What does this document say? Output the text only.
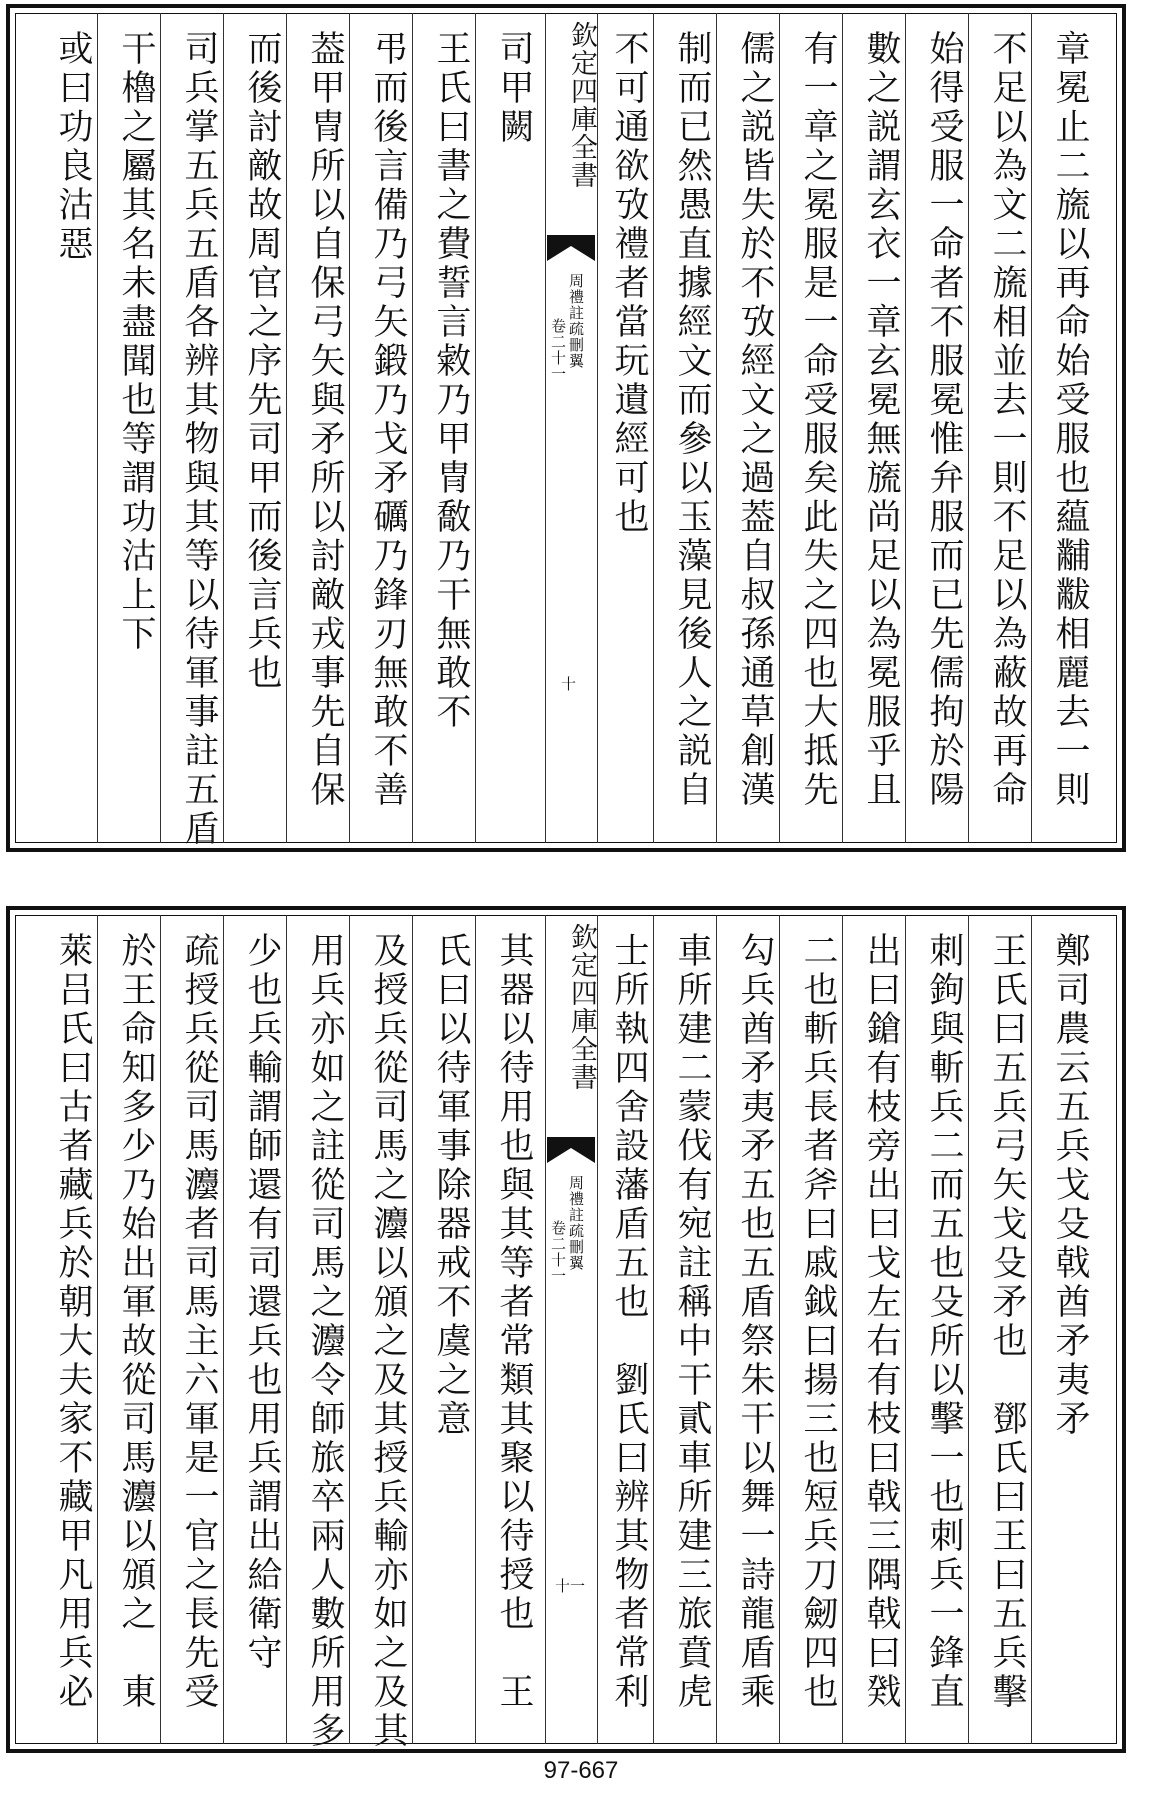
章冕止二旒以再命始受服也藴黼黻相麗去一則
不足以為文二旒相並去一則不足以為蔽故再命
始得受服一命者不服冕惟弁服而已先儒拘於陽
數之説謂玄衣一章玄冕無旒尚足以為冕服乎且
有一章之冕服是一命受服矣此失之四也大抵先
儒之説皆失於不攷經文之過葢自叔孫通草創漢
制而已然愚直據經文而參以玉藻見後人之説自
不可通欲攷禮者當玩遺經可也
欽定四庫全書
周禮註疏刪翼
卷二十一
十
司甲闕
王氏曰書之費誓言敹乃甲冑敿乃干無敢不
弔而後言備乃弓矢鍛乃戈矛礪乃鋒刃無敢不善
葢甲冑所以自保弓矢與矛所以討敵戎事先自保
而後討敵故周官之序先司甲而後言兵也
司兵掌五兵五盾各辨其物與其等以待軍事註五盾
干櫓之屬其名未盡聞也等謂功沽上下
或曰功良沽惡
鄭司農云五兵戈殳戟酋矛夷矛
王氏曰五兵弓矢戈殳矛也　鄧氏曰王曰五兵擊
刺鉤與斬兵二而五也殳所以擊一也刺兵一鋒直
出曰鎗有枝旁出曰戈左右有枝曰戟三隅戟曰戣
二也斬兵長者斧曰戚鉞曰揚三也短兵刀劒四也
勾兵酋矛夷矛五也五盾祭朱干以舞一詩龍盾乘
車所建二蒙伐有宛註稱中干貳車所建三旅賁虎
士所執四舍設藩盾五也　劉氏曰辨其物者常利
欽定四庫全書
周禮註疏刪翼
卷二十一
十一
其器以待用也與其等者常類其聚以待授也　王
氏曰以待軍事除器戒不虞之意
及授兵從司馬之灋以頒之及其授兵輸亦如之及其
用兵亦如之註從司馬之灋令師旅卒兩人數所用多
少也兵輸謂師還有司還兵也用兵謂出給衛守
疏授兵從司馬灋者司馬主六軍是一官之長先受
於王命知多少乃始出軍故從司馬灋以頒之　東
萊吕氏曰古者藏兵於朝大夫家不藏甲凡用兵必
97-667
